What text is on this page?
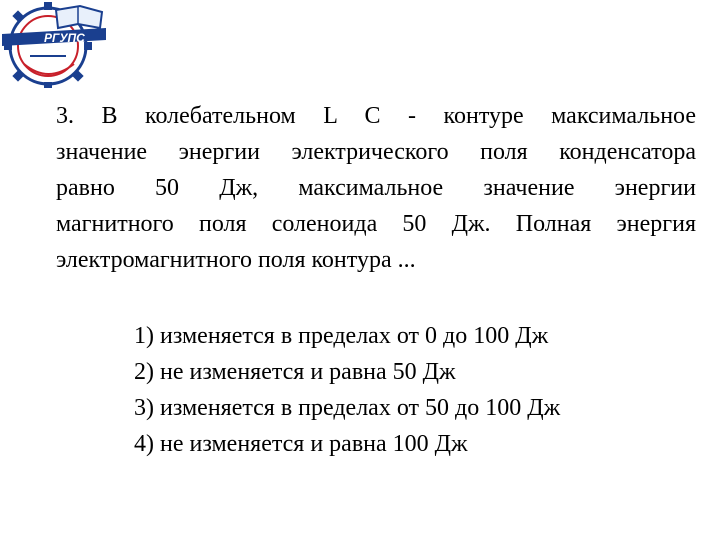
РГУПС
3. В колебательном L C - контуре максимальное
значение энергии электрического поля конденсатора
равно 50 Дж, максимальное значение энергии
магнитного поля соленоида 50 Дж. Полная энергия
электромагнитного поля контура ...
1) изменяется в пределах от 0 до 100 Дж
2) не изменяется и равна 50 Дж
3) изменяется в пределах от 50 до 100 Дж
4) не изменяется и равна 100 Дж
